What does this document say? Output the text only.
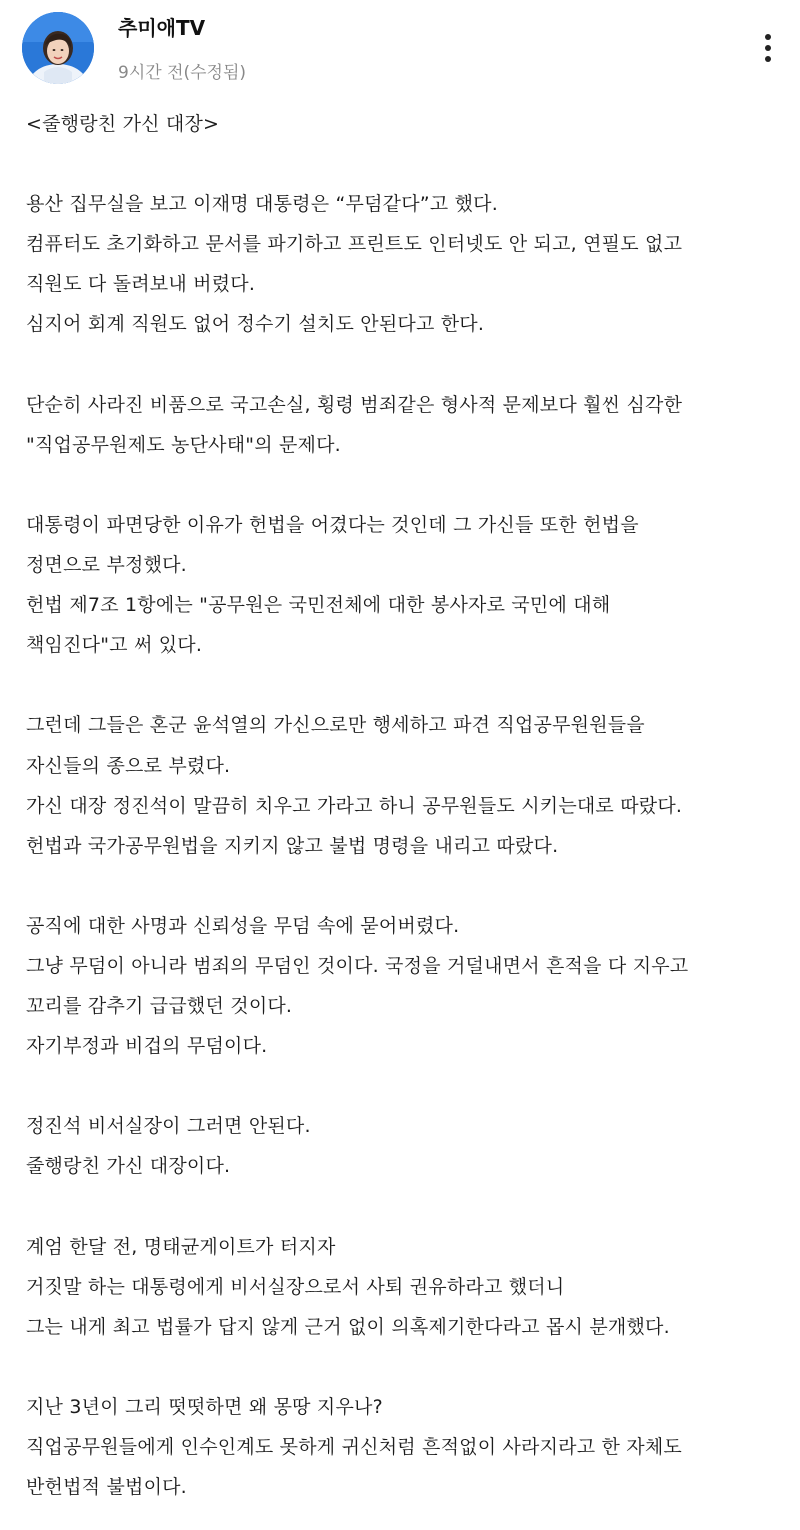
추미애TV
9시간 전(수정됨)
<줄행랑친 가신 대장>
용산 집무실을 보고 이재명 대통령은 “무덤같다”고 했다.
컴퓨터도 초기화하고 문서를 파기하고 프린트도 인터넷도 안 되고, 연필도 없고
직원도 다 돌려보내 버렸다.
심지어 회계 직원도 없어 정수기 설치도 안된다고 한다.
단순히 사라진 비품으로 국고손실, 횡령 범죄같은 형사적 문제보다 훨씬 심각한
"직업공무원제도 농단사태"의 문제다.
대통령이 파면당한 이유가 헌법을 어겼다는 것인데 그 가신들 또한 헌법을
정면으로 부정했다.
헌법 제7조 1항에는 "공무원은 국민전체에 대한 봉사자로 국민에 대해
책임진다"고 써 있다.
그런데 그들은 혼군 윤석열의 가신으로만 행세하고 파견 직업공무원원들을
자신들의 종으로 부렸다.
가신 대장 정진석이 말끔히 치우고 가라고 하니 공무원들도 시키는대로 따랐다.
헌법과 국가공무원법을 지키지 않고 불법 명령을 내리고 따랐다.
공직에 대한 사명과 신뢰성을 무덤 속에 묻어버렸다.
그냥 무덤이 아니라 범죄의 무덤인 것이다. 국정을 거덜내면서 흔적을 다 지우고
꼬리를 감추기 급급했던 것이다.
자기부정과 비겁의 무덤이다.
정진석 비서실장이 그러면 안된다.
줄행랑친 가신 대장이다.
계엄 한달 전, 명태균게이트가 터지자
거짓말 하는 대통령에게 비서실장으로서 사퇴 권유하라고 했더니
그는 내게 최고 법률가 답지 않게 근거 없이 의혹제기한다라고 몹시 분개했다.
지난 3년이 그리 떳떳하면 왜 몽땅 지우나?
직업공무원들에게 인수인계도 못하게 귀신처럼 흔적없이 사라지라고 한 자체도
반헌법적 불법이다.
